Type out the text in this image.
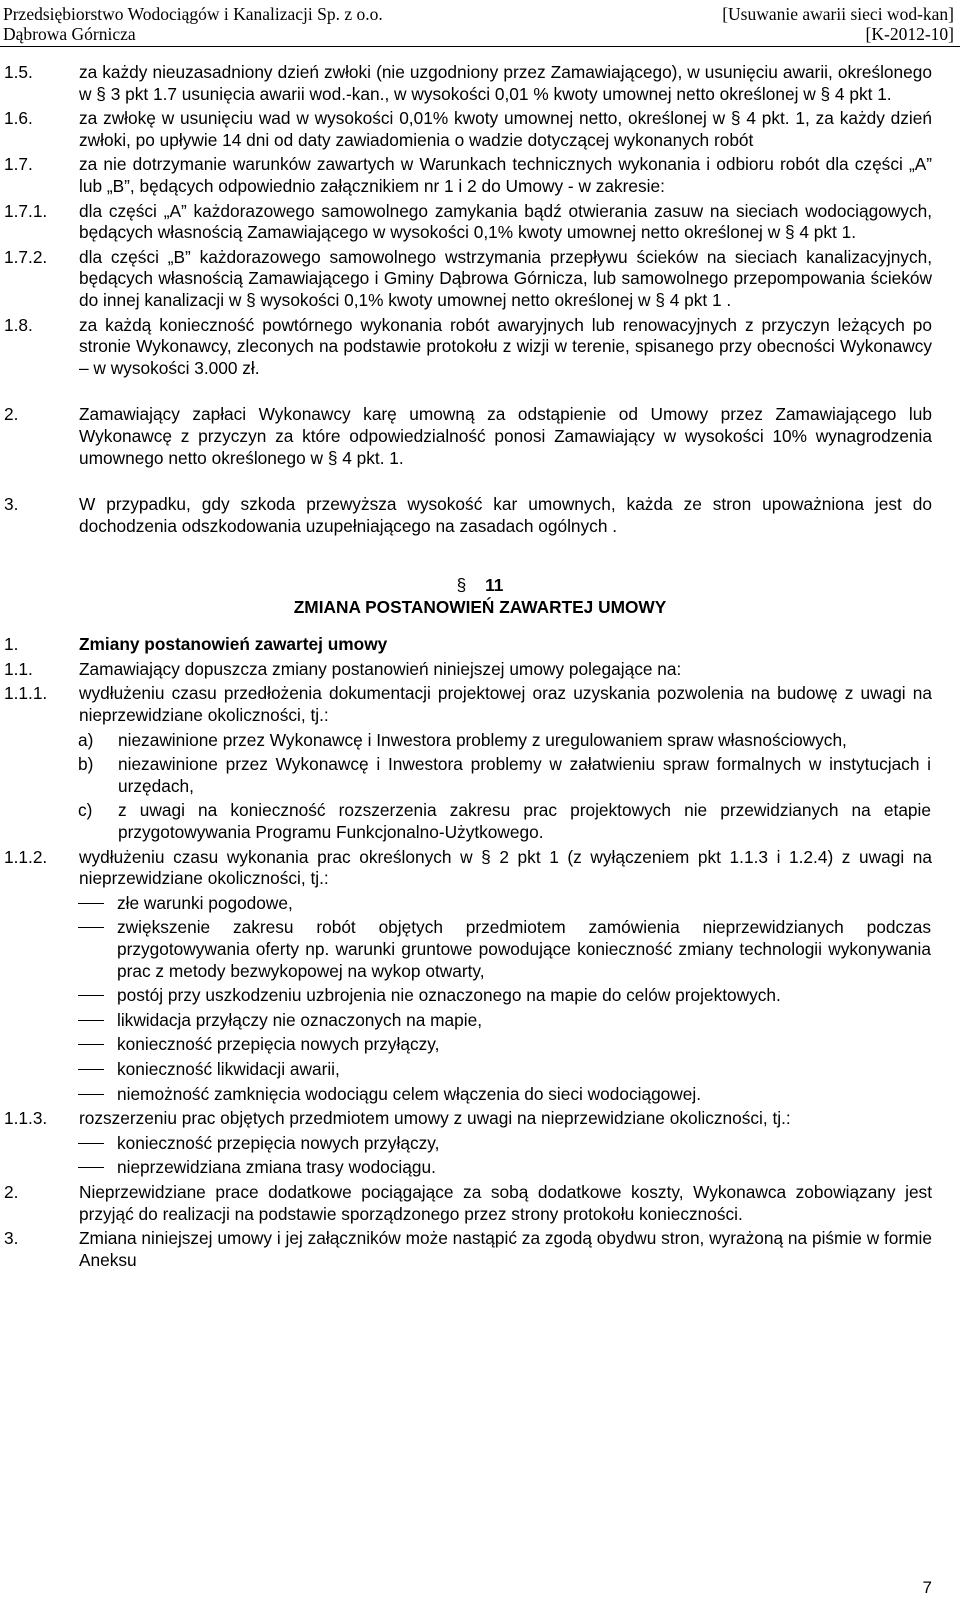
Przedsiębiorstwo Wodociągów i Kanalizacji Sp. z o.o.
Dąbrowa Górnicza
[Usuwanie awarii sieci wod-kan]
[K-2012-10]
1.5.	za każdy nieuzasadniony dzień zwłoki (nie uzgodniony przez Zamawiającego), w usunięciu awarii, określonego w § 3 pkt 1.7 usunięcia awarii wod.-kan., w wysokości 0,01 % kwoty umownej netto określonej w § 4 pkt 1.
1.6.	za zwłokę w usunięciu wad w wysokości 0,01% kwoty umownej netto, określonej w § 4 pkt. 1, za każdy dzień zwłoki, po upływie 14 dni od daty zawiadomienia o wadzie dotyczącej wykonanych robót
1.7.	za nie dotrzymanie warunków zawartych w Warunkach technicznych wykonania i odbioru robót dla części „A” lub „B”, będących odpowiednio załącznikiem nr 1 i 2 do Umowy - w zakresie:
1.7.1. dla części „A” każdorazowego samowolnego zamykania bądź otwierania zasuw na sieciach wodociągowych, będących własnością Zamawiającego w wysokości 0,1% kwoty umownej netto określonej w § 4 pkt 1.
1.7.2. dla części „B” każdorazowego samowolnego wstrzymania przepływu ścieków na sieciach kanalizacyjnych, będących własnością Zamawiającego i Gminy Dąbrowa Górnicza, lub samowolnego przepompowania ścieków do innej kanalizacji w § wysokości 0,1% kwoty umownej netto określonej w § 4 pkt 1 .
1.8.	za każdą konieczność powtórnego wykonania robót awaryjnych lub renowacyjnych z przyczyn leżących po stronie Wykonawcy, zleconych na podstawie protokołu z wizji w terenie, spisanego przy obecności Wykonawcy – w wysokości 3.000 zł.
2.	Zamawiający zapłaci Wykonawcy karę umowną za odstąpienie od Umowy przez Zamawiającego lub Wykonawcę z przyczyn za które odpowiedzialność ponosi Zamawiający w wysokości 10% wynagrodzenia umownego netto określonego w § 4 pkt. 1.
3.	W przypadku, gdy szkoda przewyższa wysokość kar umownych, każda ze stron upoważniona jest do dochodzenia odszkodowania uzupełniającego na zasadach ogólnych .
§ 11
ZMIANA POSTANOWIEŃ ZAWARTEJ UMOWY
1.	Zmiany postanowień zawartej umowy
1.1.	Zamawiający dopuszcza zmiany postanowień niniejszej umowy polegające na:
1.1.1. wydłużeniu czasu przedłożenia dokumentacji projektowej oraz uzyskania pozwolenia na budowę z uwagi na nieprzewidziane okoliczności, tj.:
a) niezawinione przez Wykonawcę i Inwestora problemy z uregulowaniem spraw własnościowych,
b) niezawinione przez Wykonawcę i Inwestora problemy w załatwieniu spraw formalnych w instytucjach i urzędach,
c) z uwagi na konieczność rozszerzenia zakresu prac projektowych nie przewidzianych na etapie przygotowywania Programu Funkcjonalno-Użytkowego.
1.1.2. wydłużeniu czasu wykonania prac określonych w § 2 pkt 1 (z wyłączeniem pkt 1.1.3 i 1.2.4) z uwagi na nieprzewidziane okoliczności, tj.:
złe warunki pogodowe,
zwiększenie zakresu robót objętych przedmiotem zamówienia nieprzewidzianych podczas przygotowywania oferty np. warunki gruntowe powodujące konieczność zmiany technologii wykonywania prac z metody bezwykopowej na wykop otwarty,
postój przy uszkodzeniu uzbrojenia nie oznaczonego na mapie do celów projektowych.
likwidacja przyłączy nie oznaczonych na mapie,
konieczność przepięcia nowych przyłączy,
konieczność likwidacji awarii,
niemożność zamknięcia wodociągu celem włączenia do sieci wodociągowej.
1.1.3. rozszerzeniu prac objętych przedmiotem umowy z uwagi na nieprzewidziane okoliczności, tj.:
konieczność przepięcia nowych przyłączy,
nieprzewidziana zmiana trasy wodociągu.
2.	Nieprzewidziane prace dodatkowe pociągające za sobą dodatkowe koszty, Wykonawca zobowiązany jest przyjąć do realizacji na podstawie sporządzonego przez strony protokołu konieczności.
3.	Zmiana niniejszej umowy i jej załączników może nastąpić za zgodą obydwu stron, wyrażoną na piśmie w formie Aneksu
7
